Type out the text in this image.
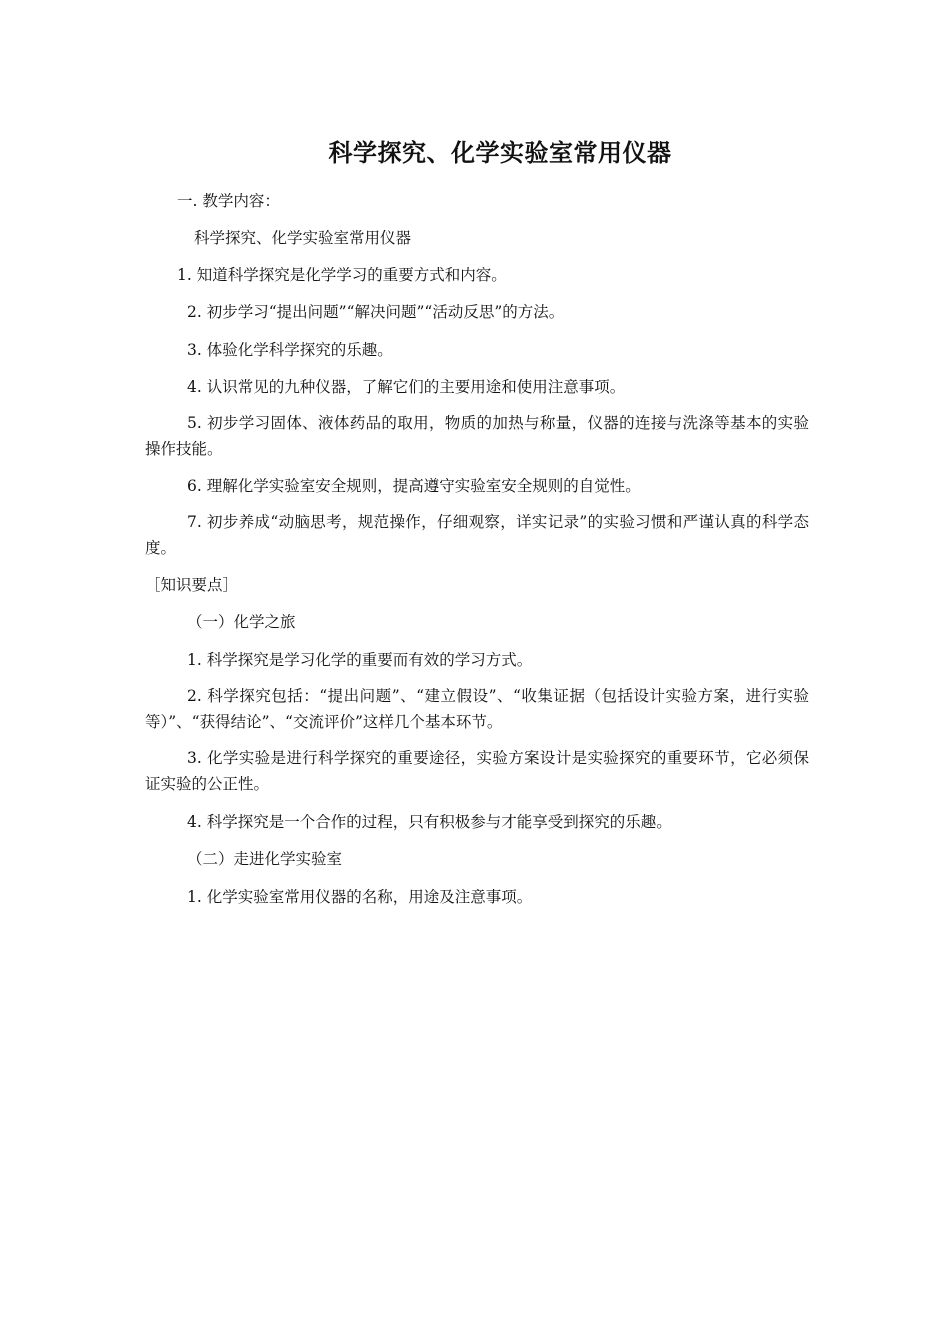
科学探究、化学实验室常用仪器
一. 教学内容：
科学探究、化学实验室常用仪器
1. 知道科学探究是化学学习的重要方式和内容。
2. 初步学习“提出问题”“解决问题”“活动反思”的方法。
3. 体验化学科学探究的乐趣。
4. 认识常见的九种仪器，了解它们的主要用途和使用注意事项。
5. 初步学习固体、液体药品的取用，物质的加热与称量，仪器的连接与洗涤等基本的实验操作技能。
6. 理解化学实验室安全规则，提高遵守实验室安全规则的自觉性。
7. 初步养成“动脑思考，规范操作，仔细观察，详实记录”的实验习惯和严谨认真的科学态度。
［知识要点］
（一）化学之旅
1. 科学探究是学习化学的重要而有效的学习方式。
2. 科学探究包括：“提出问题”、“建立假设”、“收集证据（包括设计实验方案，进行实验等）”、“获得结论”、“交流评价”这样几个基本环节。
3. 化学实验是进行科学探究的重要途径，实验方案设计是实验探究的重要环节，它必须保证实验的公正性。
4. 科学探究是一个合作的过程，只有积极参与才能享受到探究的乐趣。
（二）走进化学实验室
1. 化学实验室常用仪器的名称，用途及注意事项。
